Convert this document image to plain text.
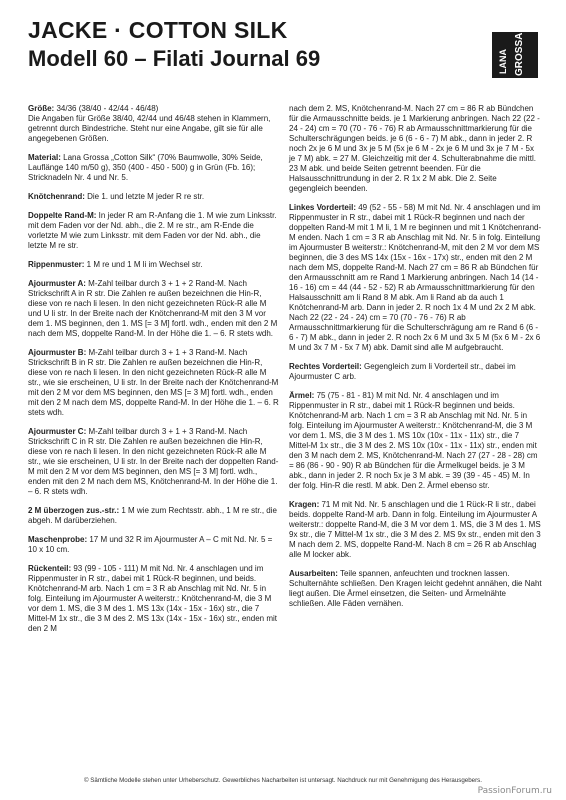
JACKE · COTTON SILK
Modell 60 – Filati Journal 69	LANA GROSSA

Größe: 34/36 (38/40 - 42/44 - 46/48)
Die Angaben für Größe 38/40, 42/44 und 46/48 stehen in Klammern, getrennt durch Bindestriche. Steht nur eine Angabe, gilt sie für alle angegebenen Größen.

Material: Lana Grossa „Cotton Silk“ (70% Baumwolle, 30% Seide, Lauflänge 140 m/50 g), 350 (400 - 450 - 500) g in Grün (Fb. 16); Stricknadeln Nr. 4 und Nr. 5.

Knötchenrand: Die 1. und letzte M jeder R re str.

Doppelte Rand-M: In jeder R am R-Anfang die 1. M wie zum Linksstr. mit dem Faden vor der Nd. abh., die 2. M re str., am R-Ende die vorletzte M wie zum Linksstr. mit dem Faden vor der Nd. abh., die letzte M re str.

Rippenmuster: 1 M re und 1 M li im Wechsel str.

Ajourmuster A: M-Zahl teilbar durch 3 + 1 + 2 Rand-M. Nach Strickschrift A in R str. Die Zahlen re außen bezeichnen die Hin-R, diese von re nach li lesen. In den nicht gezeichneten Rück-R alle M und U li str. In der Breite nach der Knötchenrand-M mit den 3 M vor dem 1. MS beginnen, den 1. MS [= 3 M] fortl. wdh., enden mit den 2 M nach dem MS, doppelte Rand-M. In der Höhe die 1. – 6. R stets wdh.

Ajourmuster B: M-Zahl teilbar durch 3 + 1 + 3 Rand-M. Nach Strickschrift B in R str. Die Zahlen re außen bezeichnen die Hin-R, diese von re nach li lesen. In den nicht gezeichneten Rück-R alle M str., wie sie erscheinen, U li str. In der Breite nach der Knötchenrand-M mit den 2 M vor dem MS beginnen, den MS [= 3 M] fortl. wdh., enden mit den 2 M nach dem MS, doppelte Rand-M. In der Höhe die 1. – 6. R stets wdh.

Ajourmuster C: M-Zahl teilbar durch 3 + 1 + 3 Rand-M. Nach Strickschrift C in R str. Die Zahlen re außen bezeichnen die Hin-R, diese von re nach li lesen. In den nicht gezeichneten Rück-R alle M str., wie sie erscheinen, U li str. In der Breite nach der doppelten Rand-M mit den 2 M vor dem MS beginnen, den MS [= 3 M] fortl. wdh., enden mit den 2 M nach dem MS, Knötchenrand-M. In der Höhe die 1. – 6. R stets wdh.

2 M überzogen zus.-str.: 1 M wie zum Rechtsstr. abh., 1 M re str., die abgeh. M darüberziehen.

Maschenprobe: 17 M und 32 R im Ajourmuster A – C mit Nd. Nr. 5 = 10 x 10 cm.

Rückenteil: 93 (99 - 105 - 111) M mit Nd. Nr. 4 anschlagen und im Rippenmuster in R str., dabei mit 1 Rück-R beginnen, und beids. Knötchenrand-M arb. Nach 1 cm = 3 R ab Anschlag mit Nd. Nr. 5 in folg. Einteilung im Ajourmuster A weiterstr.: Knötchenrand-M, die 3 M vor dem 1. MS, die 3 M des 1. MS 13x (14x - 15x - 16x) str., die 7 Mittel-M 1x str., die 3 M des 2. MS 13x (14x - 15x - 16x) str., enden mit den 2 M

nach dem 2. MS, Knötchenrand-M. Nach 27 cm = 86 R ab Bündchen für die Armausschnitte beids. je 1 Markierung anbringen. Nach 22 (22 - 24 - 24) cm = 70 (70 - 76 - 76) R ab Armausschnittmarkierung für die Schulterschrägungen beids. je 6 (6 - 6 - 7) M abk., dann in jeder 2. R noch 2x je 6 M und 3x je 5 M (5x je 6 M - 2x je 6 M und 3x je 7 M - 5x je 7 M) abk. = 27 M. Gleichzeitig mit der 4. Schulterabnahme die mittl. 23 M abk. und beide Seiten getrennt beenden. Für die Halsausschnittrundung in der 2. R 1x 2 M abk. Die 2. Seite gegengleich beenden.

Linkes Vorderteil: 49 (52 - 55 - 58) M mit Nd. Nr. 4 anschlagen und im Rippenmuster in R str., dabei mit 1 Rück-R beginnen und nach der doppelten Rand-M mit 1 M li, 1 M re beginnen und mit 1 Knötchenrand-M enden. Nach 1 cm = 3 R ab Anschlag mit Nd. Nr. 5 in folg. Einteilung im Ajourmuster B weiterstr.: Knötchenrand-M, mit den 2 M vor dem MS beginnen, die 3 des MS 14x (15x - 16x - 17x) str., enden mit den 2 M nach dem MS, doppelte Rand-M. Nach 27 cm = 86 R ab Bündchen für den Armausschnitt am re Rand 1 Markierung anbringen. Nach 14 (14 - 16 - 16) cm = 44 (44 - 52 - 52) R ab Armausschnittmarkierung für den Halsausschnitt am li Rand 8 M abk. Am li Rand ab da auch 1 Knötchenrand-M arb. Dann in jeder 2. R noch 1x 4 M und 2x 2 M abk. Nach 22 (22 - 24 - 24) cm = 70 (70 - 76 - 76) R ab Armausschnittmarkierung für die Schulterschrägung am re Rand 6 (6 - 6 - 7) M abk., dann in jeder 2. R noch 2x 6 M und 3x 5 M (5x 6 M - 2x 6 M und 3x 7 M - 5x 7 M) abk. Damit sind alle M aufgebraucht.

Rechtes Vorderteil: Gegengleich zum li Vorderteil str., dabei im Ajourmuster C arb.

Ärmel: 75 (75 - 81 - 81) M mit Nd. Nr. 4 anschlagen und im Rippenmuster in R str., dabei mit 1 Rück-R beginnen und beids. Knötchenrand-M arb. Nach 1 cm = 3 R ab Anschlag mit Nd. Nr. 5 in folg. Einteilung im Ajourmuster A weiterstr.: Knötchenrand-M, die 3 M vor dem 1. MS, die 3 M des 1. MS 10x (10x - 11x - 11x) str., die 7 Mittel-M 1x str., die 3 M des 2. MS 10x (10x - 11x - 11x) str., enden mit den 3 M nach dem 2. MS, Knötchenrand-M. Nach 27 (27 - 28 - 28) cm = 86 (86 - 90 - 90) R ab Bündchen für die Ärmelkugel beids. je 3 M abk., dann in jeder 2. R noch 5x je 3 M abk. = 39 (39 - 45 - 45) M. In der folg. Hin-R die restl. M abk. Den 2. Ärmel ebenso str.

Kragen: 71 M mit Nd. Nr. 5 anschlagen und die 1 Rück-R li str., dabei beids. doppelte Rand-M arb. Dann in folg. Einteilung im Ajourmuster A weiterstr.: doppelte Rand-M, die 3 M vor dem 1. MS, die 3 M des 1. MS 9x str., die 7 Mittel-M 1x str., die 3 M des 2. MS 9x str., enden mit den 3 M nach dem 2. MS, doppelte Rand-M. Nach 8 cm = 26 R ab Anschlag alle M locker abk.

Ausarbeiten: Teile spannen, anfeuchten und trocknen lassen. Schulternähte schließen. Den Kragen leicht gedehnt annähen, die Naht liegt außen. Die Ärmel einsetzen, die Seiten- und Ärmelnähte schließen. Alle Fäden vernähen.

© Sämtliche Modelle stehen unter Urheberschutz. Gewerbliches Nacharbeiten ist untersagt. Nachdruck nur mit Genehmigung des Herausgebers.
PassionForum.ru
